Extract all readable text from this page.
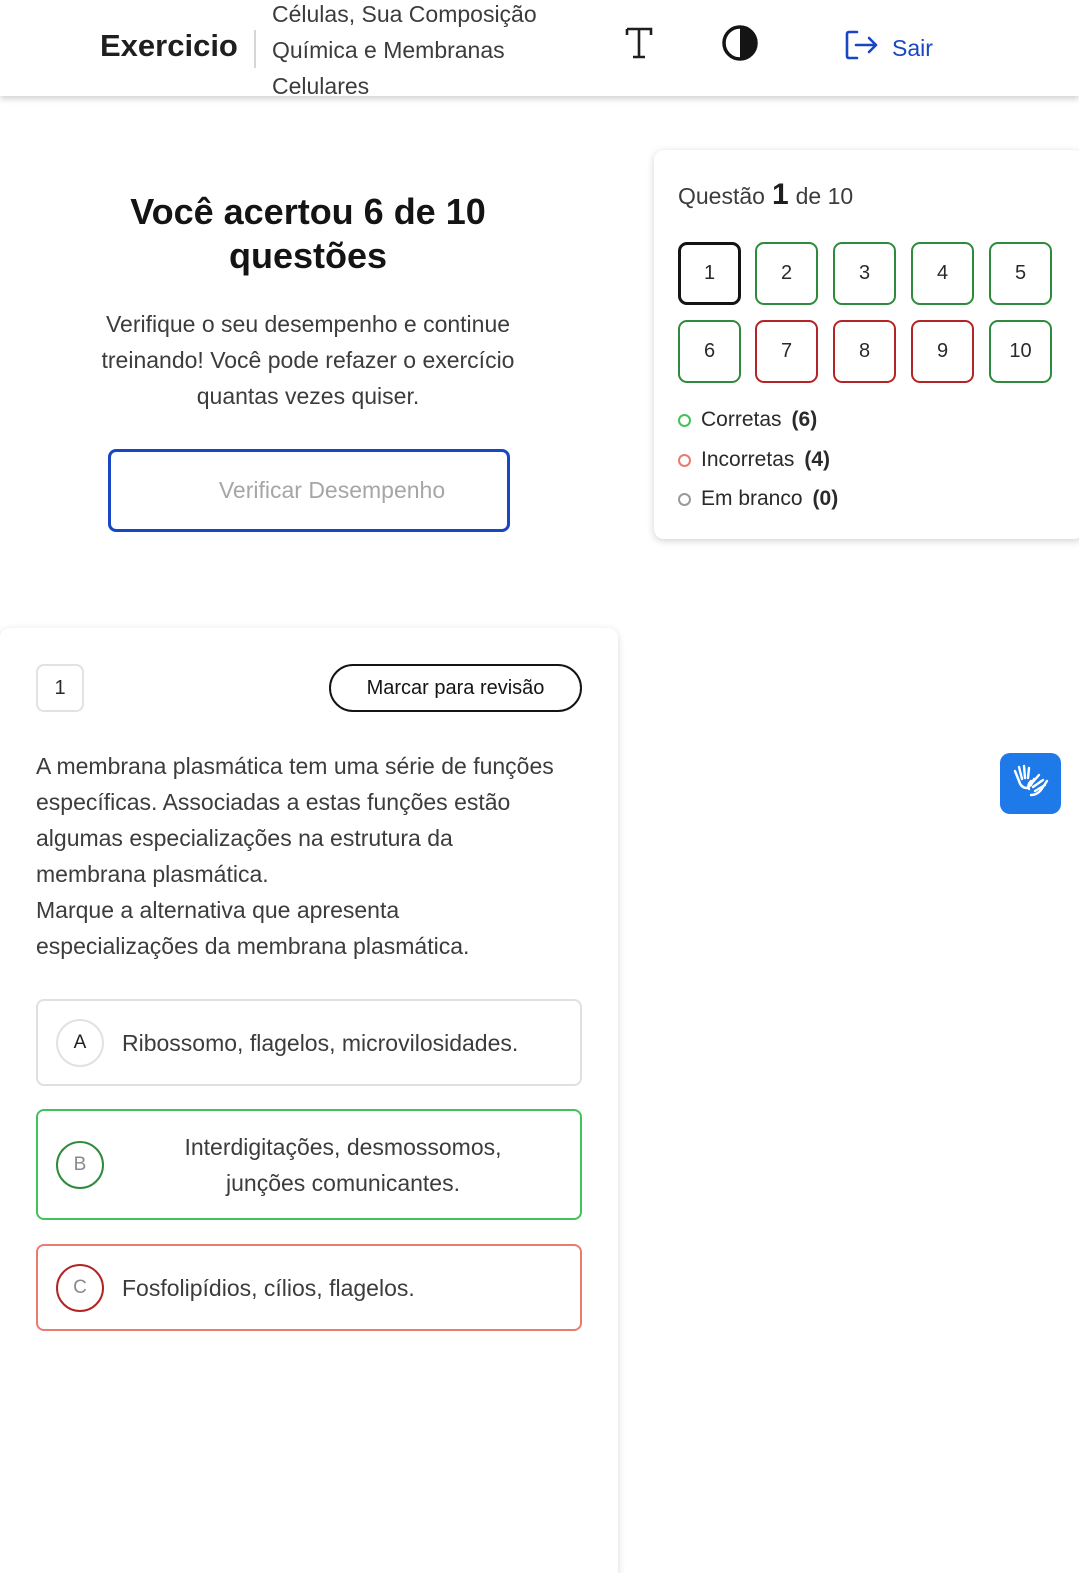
Exercicio
Células, Sua Composição Química e Membranas Celulares
Sair
Você acertou 6 de 10 questões
Verifique o seu desempenho e continue treinando! Você pode refazer o exercício quantas vezes quiser.
Verificar Desempenho
Questão 1 de 10
1	2	3	4	5
6	7	8	9	10
Corretas (6)
Incorretas (4)
Em branco (0)
1	Marcar para revisão
A membrana plasmática tem uma série de funções específicas. Associadas a estas funções estão algumas especializações na estrutura da membrana plasmática.
Marque a alternativa que apresenta especializações da membrana plasmática.
A	Ribossomo, flagelos, microvilosidades.
B
Interdigitações, desmossomos, junções comunicantes.
C	Fosfolipídios, cílios, flagelos.
